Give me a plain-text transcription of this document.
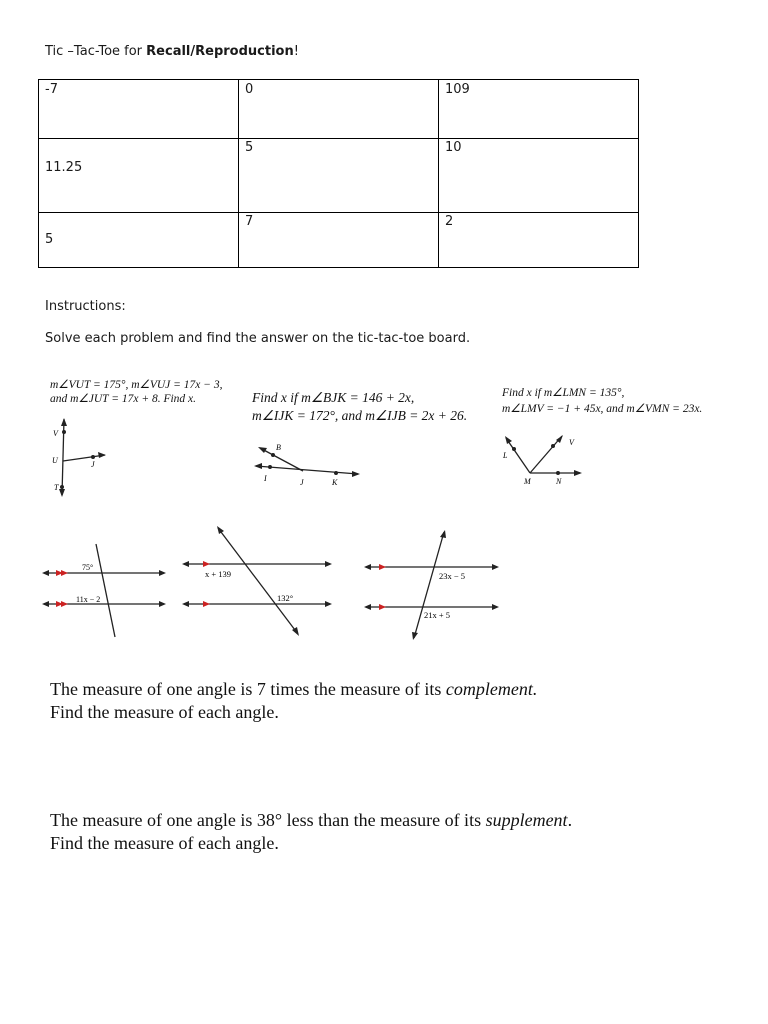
Tic –Tac-Toe for Recall/Reproduction!
-7	0	109

11.25	5	10

5	7	2
Instructions:
Solve each problem and find the answer on the tic-tac-toe board.
m∠VUT = 175°, m∠VUJ = 17x − 3,
and m∠JUT = 17x + 8. Find x.
V
U	J
T
Find x if m∠BJK = 146 + 2x,
m∠IJK = 172°, and m∠IJB = 2x + 26.
B
I	J	K
Find x if m∠LMN = 135°,
m∠LMV = −1 + 45x, and m∠VMN = 23x.
L
V
M	N
75°
11x − 2
x + 139
132°
23x − 5
21x + 5
The measure of one angle is 7 times the measure of its complement.
Find the measure of each angle.
The measure of one angle is 38° less than the measure of its supplement.
Find the measure of each angle.
